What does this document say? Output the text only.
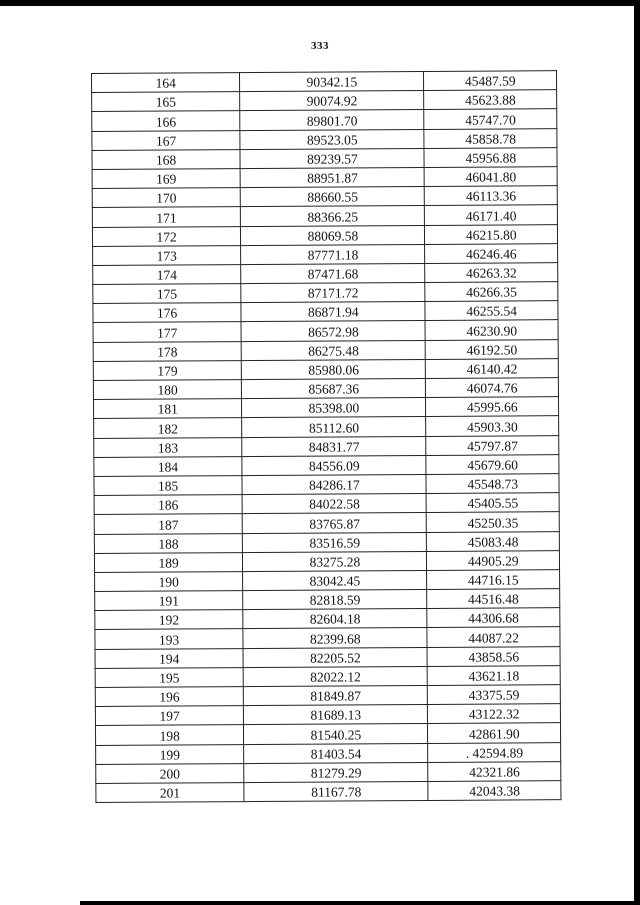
333
164	90342.15	45487.59
165	90074.92	45623.88
166	89801.70	45747.70
167	89523.05	45858.78
168	89239.57	45956.88
169	88951.87	46041.80
170	88660.55	46113.36
171	88366.25	46171.40
172	88069.58	46215.80
173	87771.18	46246.46
174	87471.68	46263.32
175	87171.72	46266.35
176	86871.94	46255.54
177	86572.98	46230.90
178	86275.48	46192.50
179	85980.06	46140.42
180	85687.36	46074.76
181	85398.00	45995.66
182	85112.60	45903.30
183	84831.77	45797.87
184	84556.09	45679.60
185	84286.17	45548.73
186	84022.58	45405.55
187	83765.87	45250.35
188	83516.59	45083.48
189	83275.28	44905.29
190	83042.45	44716.15
191	82818.59	44516.48
192	82604.18	44306.68
193	82399.68	44087.22
194	82205.52	43858.56
195	82022.12	43621.18
196	81849.87	43375.59
197	81689.13	43122.32
198	81540.25	42861.90
199	81403.54	. 42594.89
200	81279.29	42321.86
201	81167.78	42043.38
